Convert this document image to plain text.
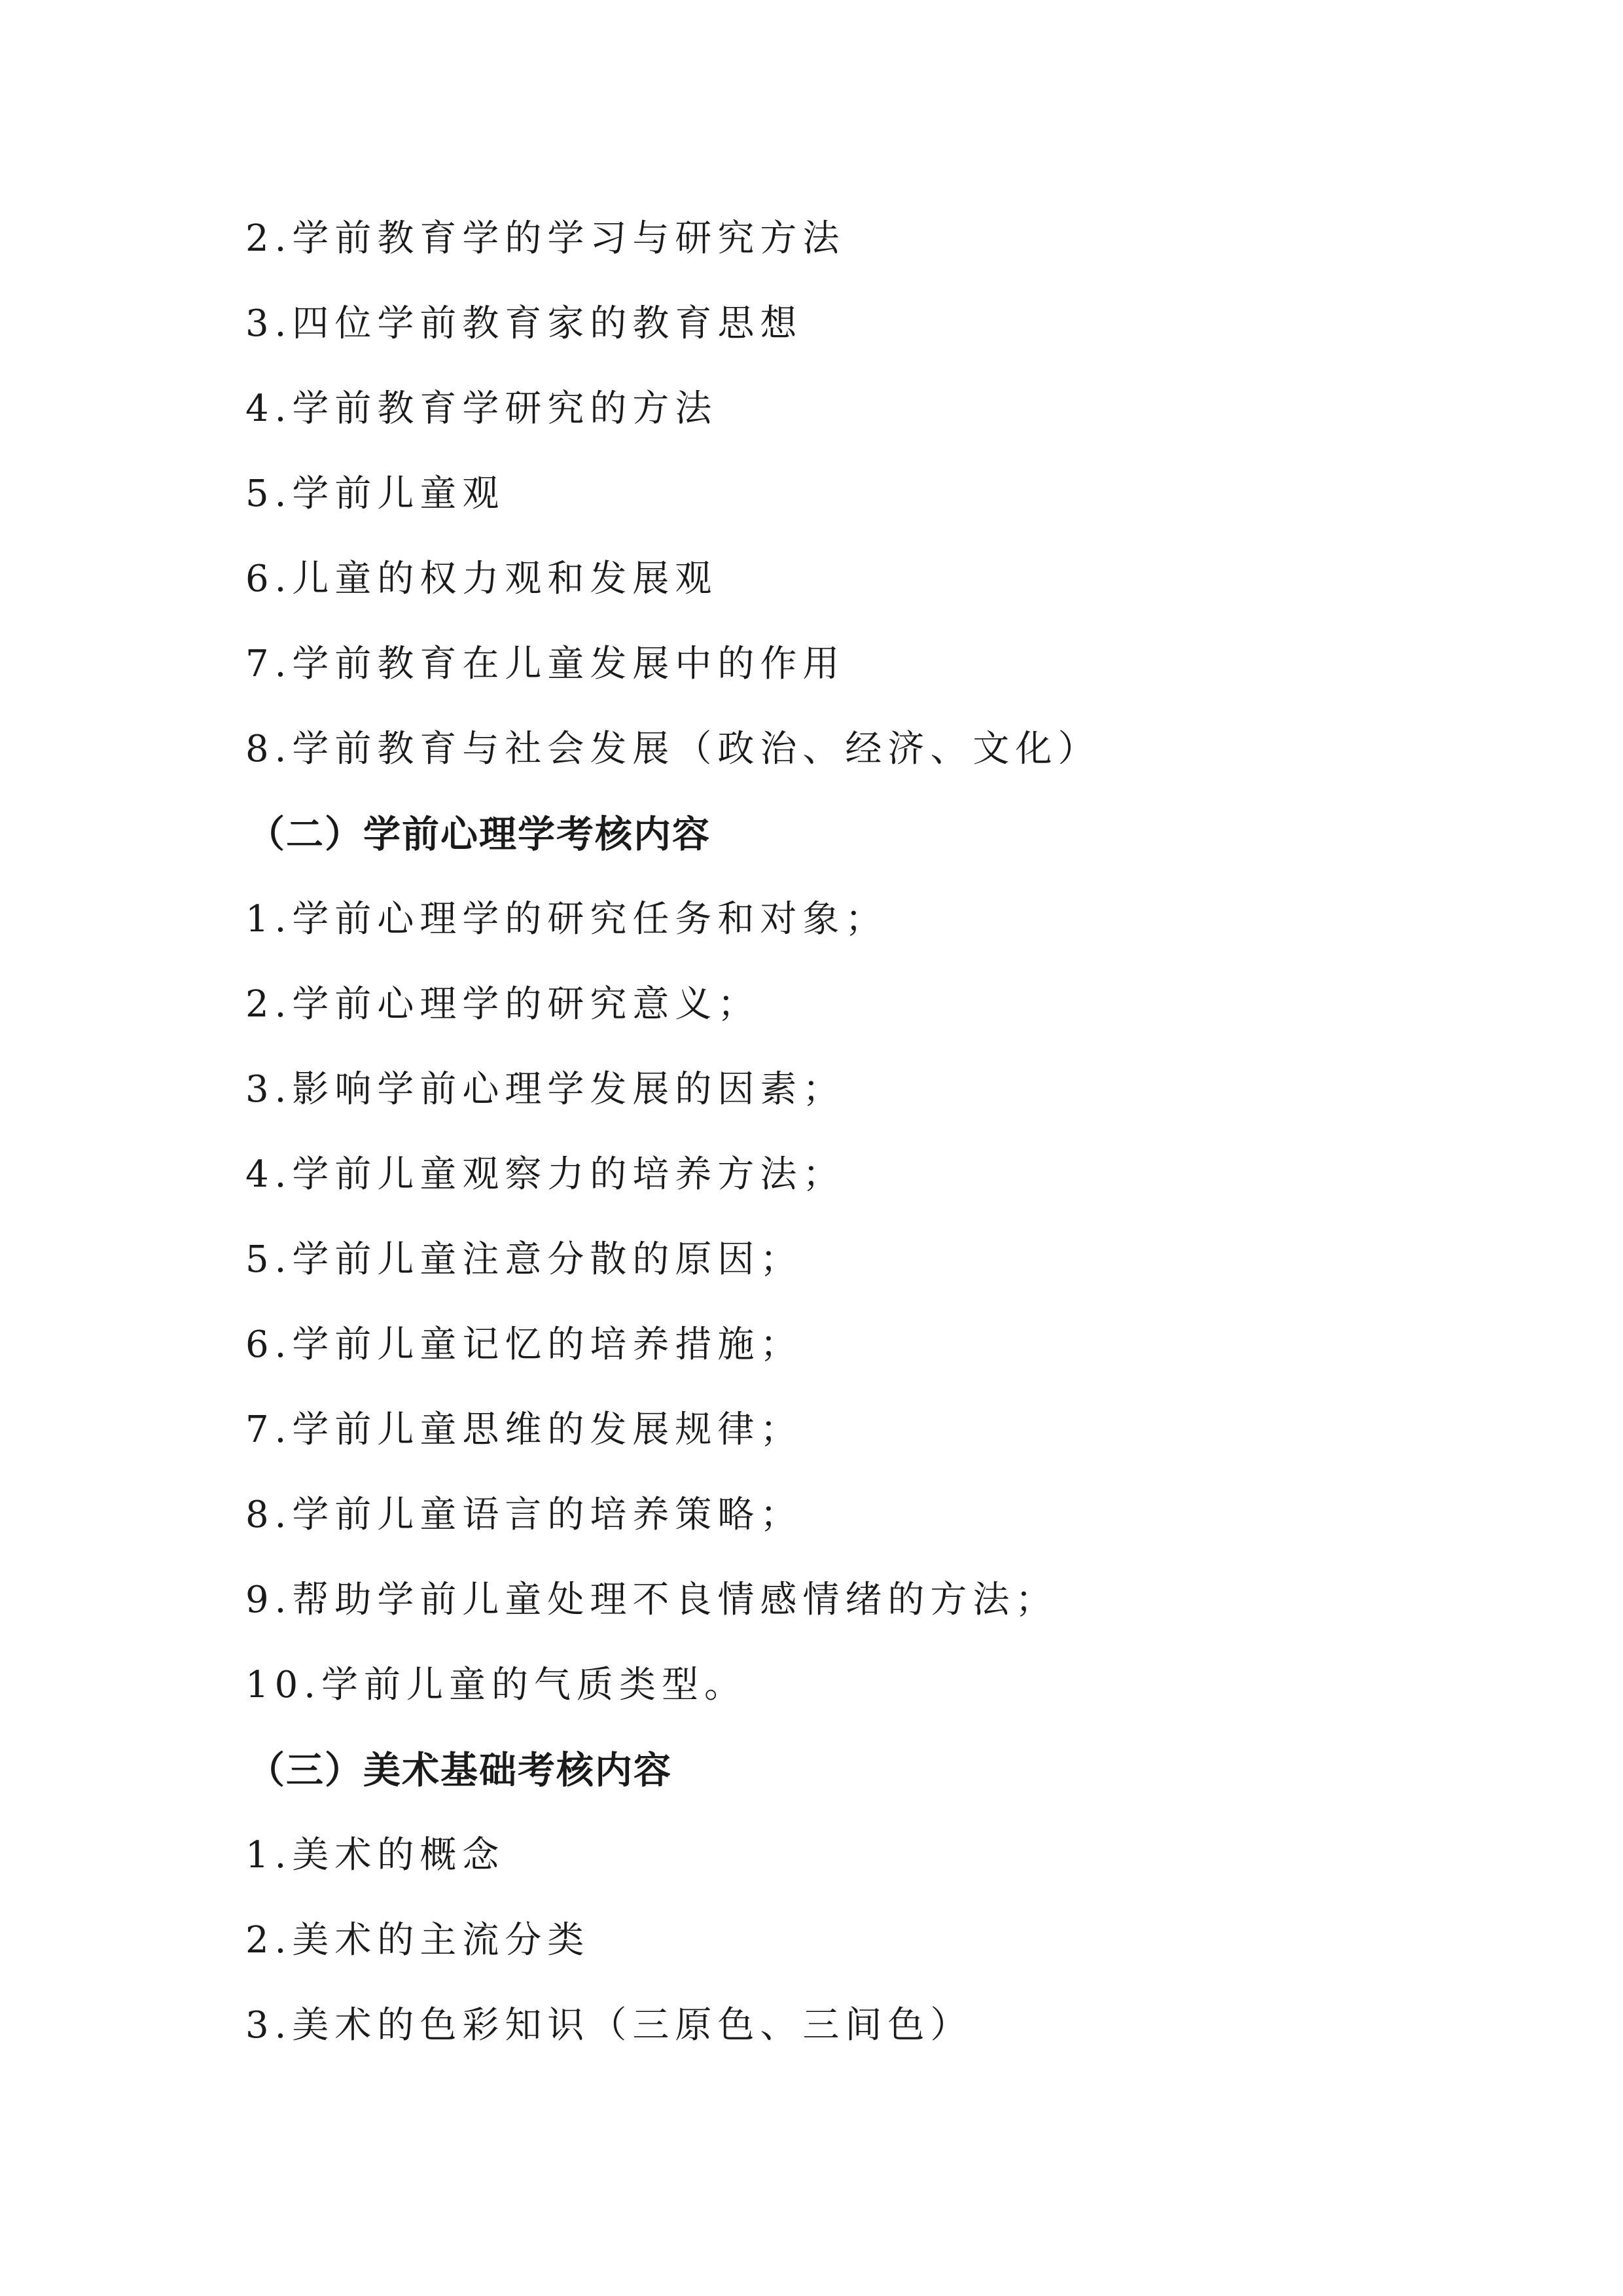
2.学前教育学的学习与研究方法
3.四位学前教育家的教育思想
4.学前教育学研究的方法
5.学前儿童观
6.儿童的权力观和发展观
7.学前教育在儿童发展中的作用
8.学前教育与社会发展（政治、经济、文化）
（二）学前心理学考核内容
1.学前心理学的研究任务和对象；
2.学前心理学的研究意义；
3.影响学前心理学发展的因素；
4.学前儿童观察力的培养方法；
5.学前儿童注意分散的原因；
6.学前儿童记忆的培养措施；
7.学前儿童思维的发展规律；
8.学前儿童语言的培养策略；
9.帮助学前儿童处理不良情感情绪的方法；
10.学前儿童的气质类型。
（三）美术基础考核内容
1.美术的概念
2.美术的主流分类
3.美术的色彩知识（三原色、三间色）
